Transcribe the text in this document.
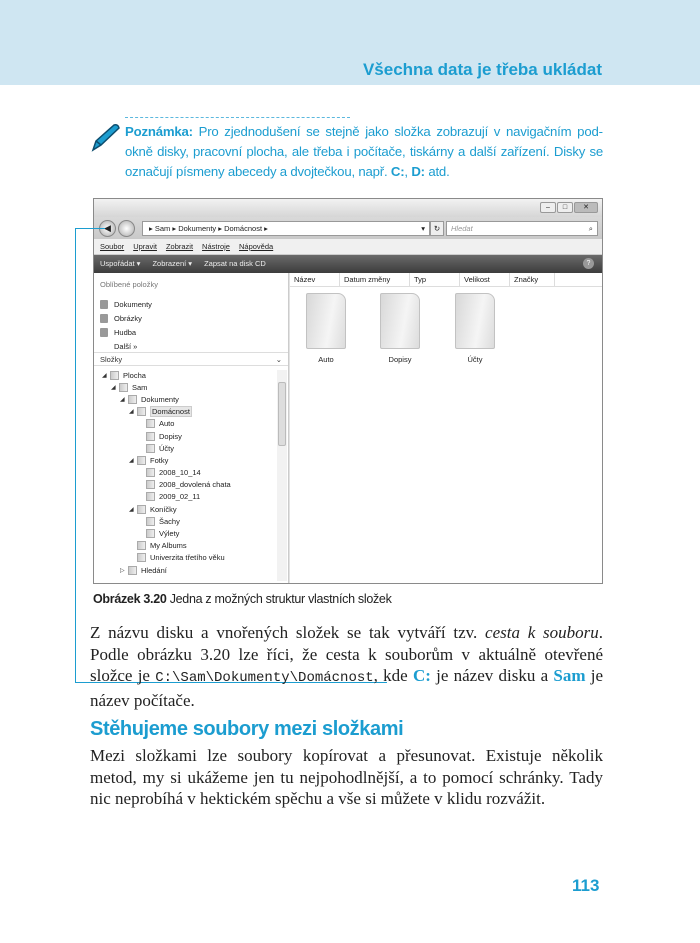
Všechna data je třeba ukládat
Poznámka: Pro zjednodušení se stejně jako složka zobrazují v navigačním podokně disky, pracovní plocha, ale třeba i počítače, tiskárny a další zařízení. Disky se označují písmeny abecedy a dvojtečkou, např. C:, D: atd.
–	□	✕
◀	▸ Sam ▸ Dokumenty ▸ Domácnost ▸	▾	↻	Hledat	⌕
Soubor Upravit Zobrazit Nástroje Nápověda
Uspořádat ▾ Zobrazení ▾ Zapsat na disk CD	?
Oblíbené položky
Dokumenty
Obrázky
Hudba
Další »
Složky	⌄
◢	Plocha
◢	Sam
◢	Dokumenty
◢	Domácnost
Auto
Dopisy
Účty
◢	Fotky
2008_10_14
2008_dovolená chata
2009_02_11
◢	Koníčky
Šachy
Výlety
My Albums
Univerzita třetího věku
▷	Hledání
Název	Datum změny	Typ	Velikost	Značky
Auto	Dopisy	Účty
Obrázek 3.20 Jedna z možných struktur vlastních složek
Z názvu disku a vnořených složek se tak vytváří tzv. cesta k souboru. Podle obrázku 3.20 lze říci, že cesta k souborům v aktuálně otevřené složce je C:\Sam\Dokumenty\Domácnost, kde C: je název disku a Sam je název počítače.
Stěhujeme soubory mezi složkami
Mezi složkami lze soubory kopírovat a přesunovat. Existuje několik metod, my si ukážeme jen tu nejpohodlnější, a to pomocí schránky. Tady nic neprobíhá v hektickém spěchu a vše si můžete v klidu rozvážit.
113
